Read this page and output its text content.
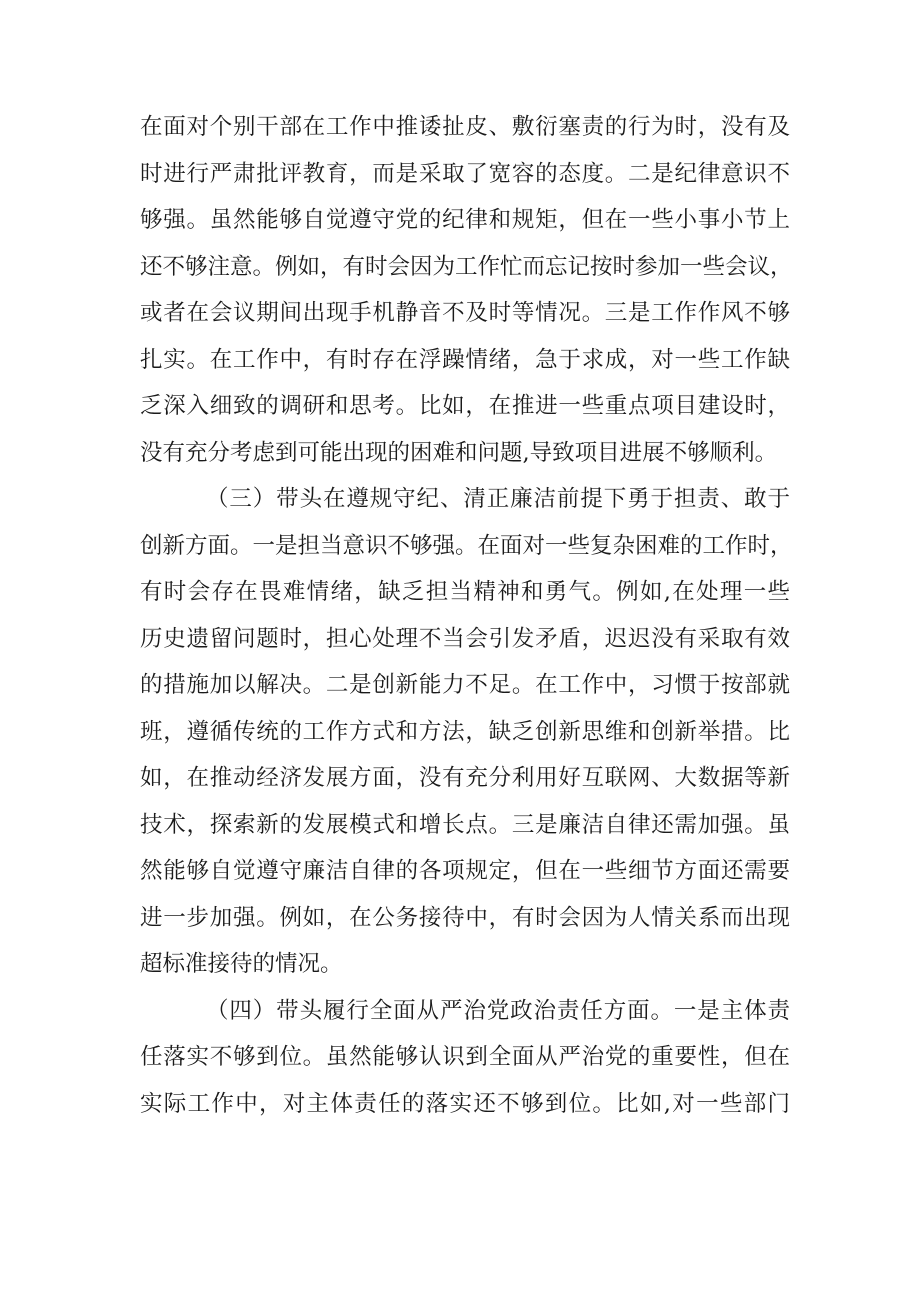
在面对个别干部在工作中推诿扯皮、敷衍塞责的行为时，没有及
时进行严肃批评教育，而是采取了宽容的态度。二是纪律意识不
够强。虽然能够自觉遵守党的纪律和规矩，但在一些小事小节上
还不够注意。例如，有时会因为工作忙而忘记按时参加一些会议，
或者在会议期间出现手机静音不及时等情况。三是工作作风不够
扎实。在工作中，有时存在浮躁情绪，急于求成，对一些工作缺
乏深入细致的调研和思考。比如，在推进一些重点项目建设时，
没有充分考虑到可能出现的困难和问题,导致项目进展不够顺利。
（三）带头在遵规守纪、清正廉洁前提下勇于担责、敢于
创新方面。一是担当意识不够强。在面对一些复杂困难的工作时，
有时会存在畏难情绪，缺乏担当精神和勇气。例如,在处理一些
历史遗留问题时，担心处理不当会引发矛盾，迟迟没有采取有效
的措施加以解决。二是创新能力不足。在工作中，习惯于按部就
班，遵循传统的工作方式和方法，缺乏创新思维和创新举措。比
如，在推动经济发展方面，没有充分利用好互联网、大数据等新
技术，探索新的发展模式和增长点。三是廉洁自律还需加强。虽
然能够自觉遵守廉洁自律的各项规定，但在一些细节方面还需要
进一步加强。例如，在公务接待中，有时会因为人情关系而出现
超标准接待的情况。
（四）带头履行全面从严治党政治责任方面。一是主体责
任落实不够到位。虽然能够认识到全面从严治党的重要性，但在
实际工作中，对主体责任的落实还不够到位。比如,对一些部门
